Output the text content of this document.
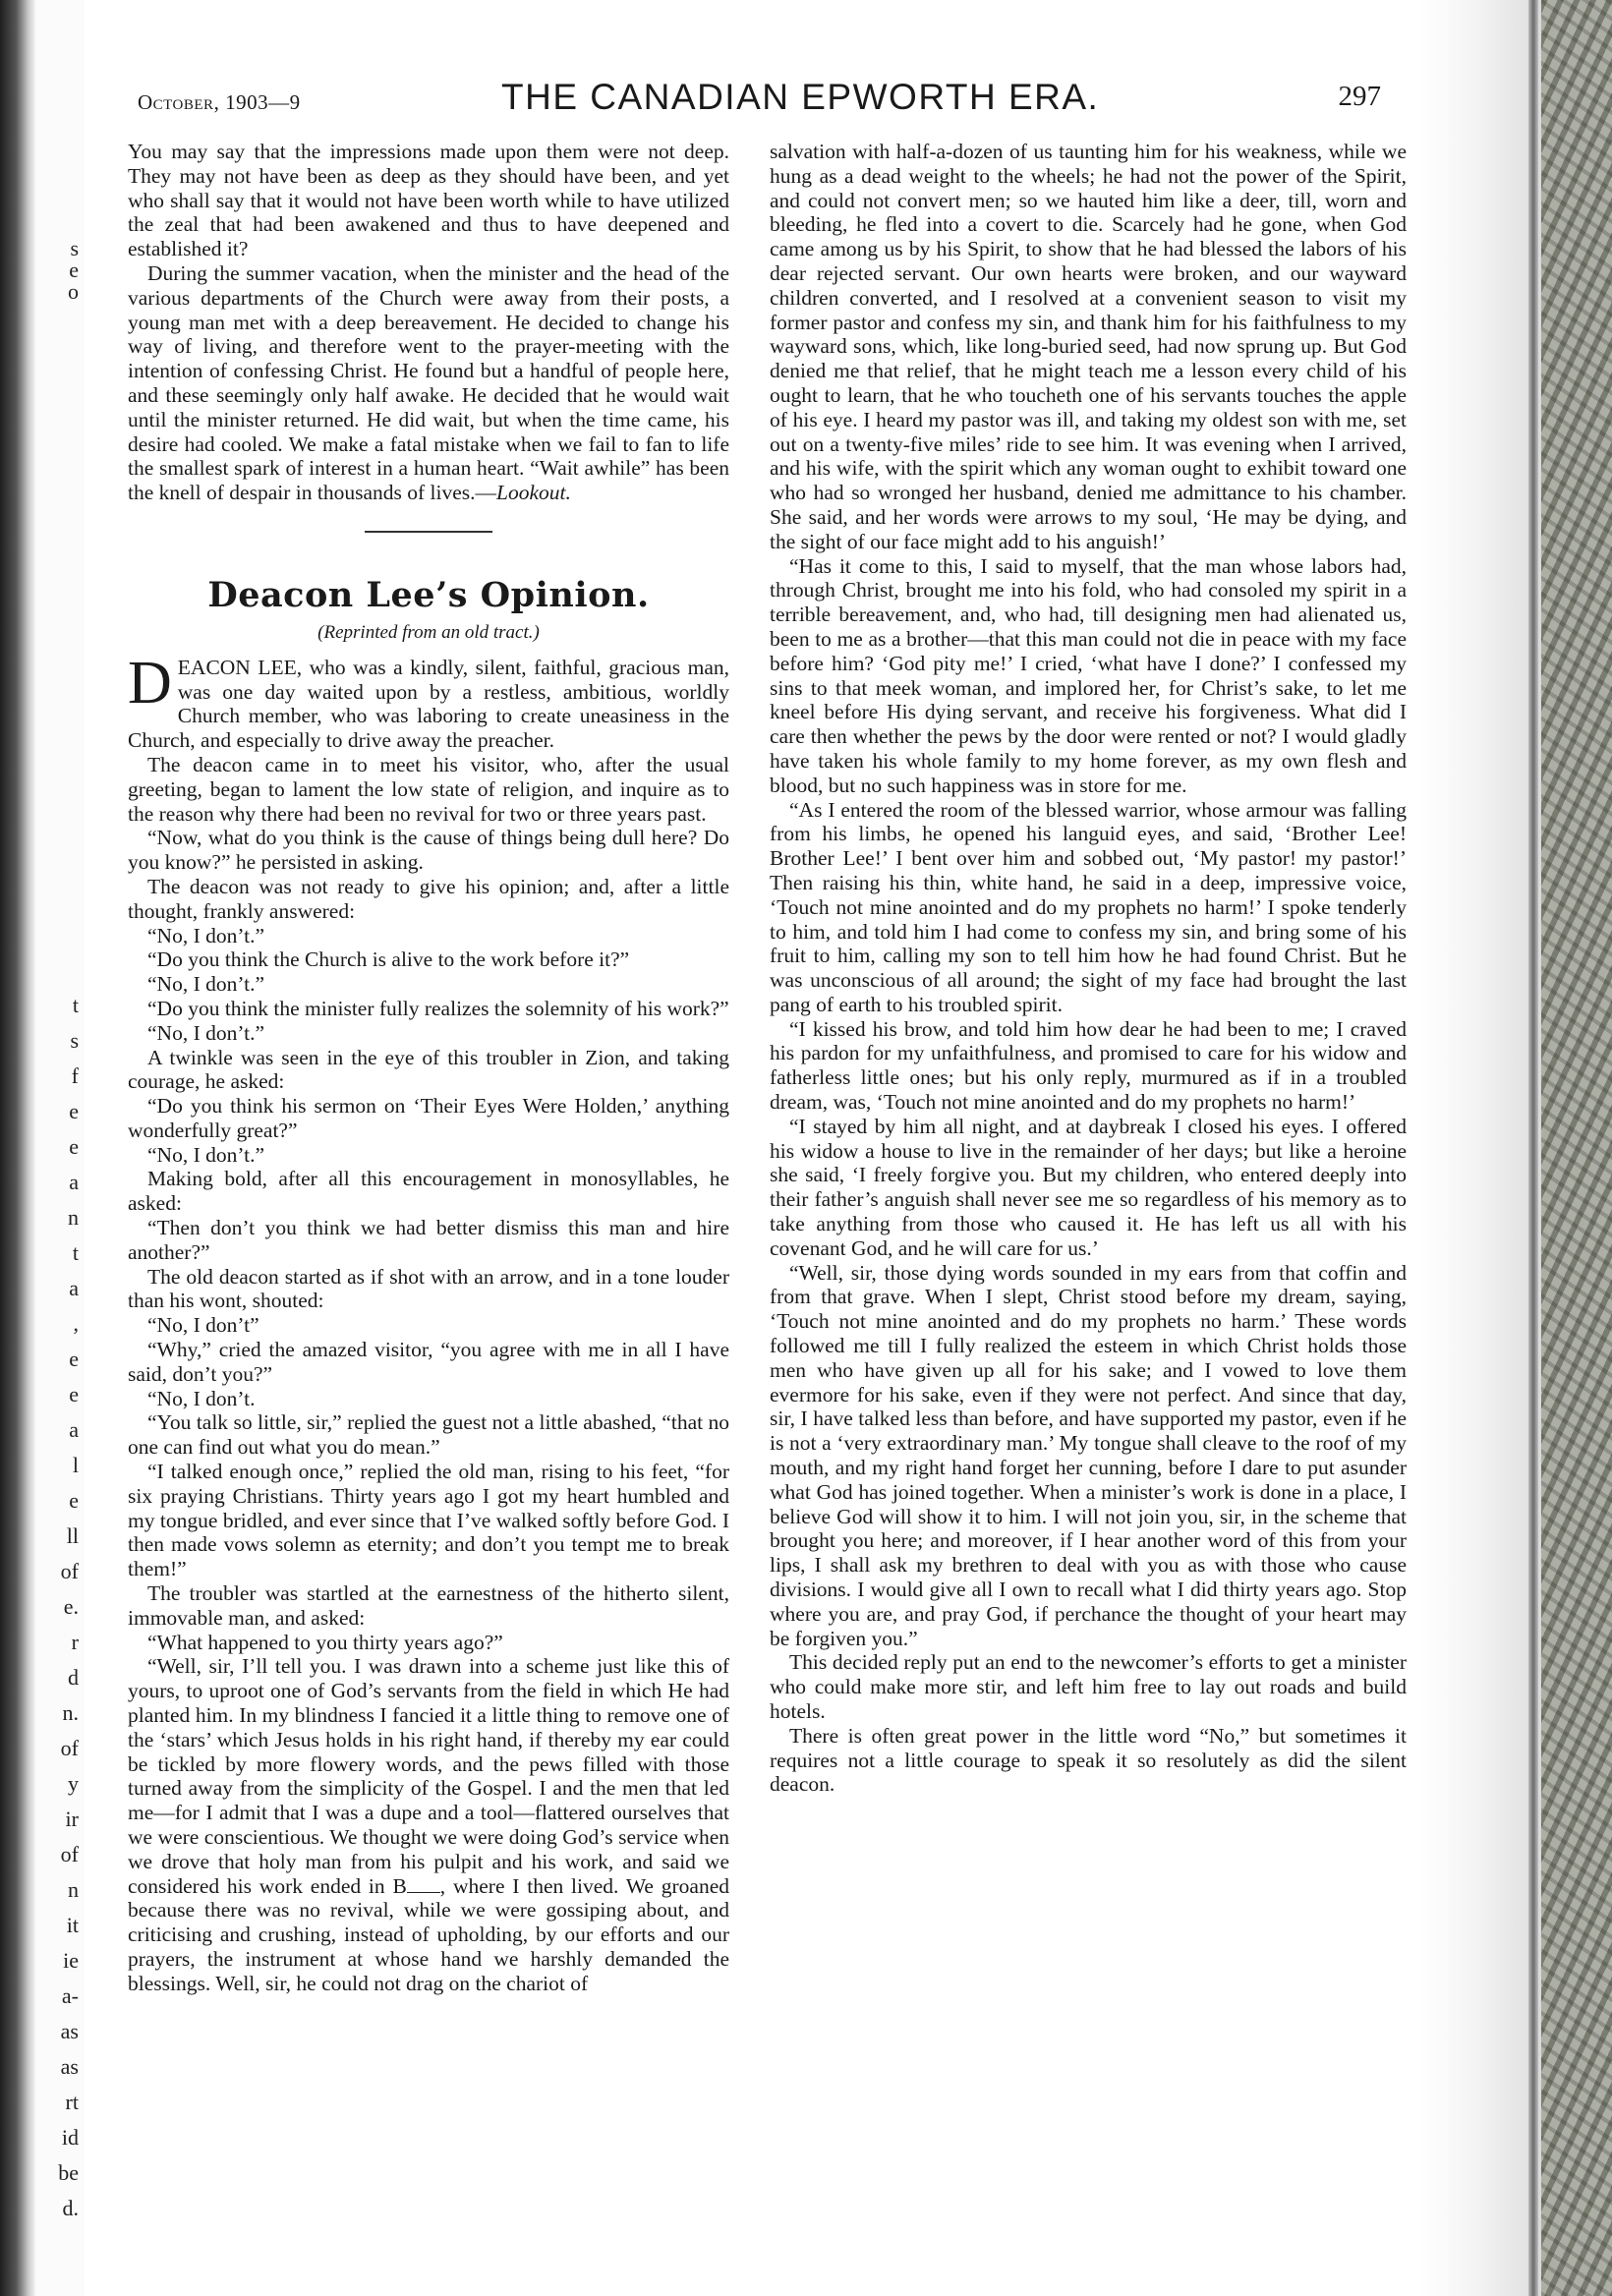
s
e
o
t
s
f
e
e
a
n
t
a
,
e
e
a
l
e
ll
of
e.
r
d
n.
of
y
ir
of
n
it
ie
a-
as
as
rt
id
be
d.
October, 1903—9	THE CANADIAN EPWORTH ERA.	297

You may say that the impressions made upon them were not deep. They may not have been as deep as they should have been, and yet who shall say that it would not have been worth while to have utilized the zeal that had been awakened and thus to have deepened and established it?

During the summer vacation, when the minister and the head of the various departments of the Church were away from their posts, a young man met with a deep bereavement. He decided to change his way of living, and therefore went to the prayer-meeting with the intention of confessing Christ. He found but a handful of people here, and these seemingly only half awake. He decided that he would wait until the minister returned. He did wait, but when the time came, his desire had cooled. We make a fatal mistake when we fail to fan to life the smallest spark of interest in a human heart. “Wait awhile” has been the knell of despair in thousands of lives.—Lookout.

Deacon Lee’s Opinion.
(Reprinted from an old tract.)

DEACON LEE, who was a kindly, silent, faithful, gracious man, was one day waited upon by a restless, ambitious, worldly Church member, who was laboring to create uneasiness in the Church, and especially to drive away the preacher.

The deacon came in to meet his visitor, who, after the usual greeting, began to lament the low state of religion, and inquire as to the reason why there had been no revival for two or three years past.

“Now, what do you think is the cause of things being dull here? Do you know?” he persisted in asking.

The deacon was not ready to give his opinion; and, after a little thought, frankly answered:

“No, I don’t.”

“Do you think the Church is alive to the work before it?”

“No, I don’t.”

“Do you think the minister fully realizes the solemnity of his work?”

“No, I don’t.”

A twinkle was seen in the eye of this troubler in Zion, and taking courage, he asked:

“Do you think his sermon on ‘Their Eyes Were Holden,’ anything wonderfully great?”

“No, I don’t.”

Making bold, after all this encouragement in monosyllables, he asked:

“Then don’t you think we had better dismiss this man and hire another?”

The old deacon started as if shot with an arrow, and in a tone louder than his wont, shouted:

“No, I don’t”

“Why,” cried the amazed visitor, “you agree with me in all I have said, don’t you?”

“No, I don’t.

“You talk so little, sir,” replied the guest not a little abashed, “that no one can find out what you do mean.”

“I talked enough once,” replied the old man, rising to his feet, “for six praying Christians. Thirty years ago I got my heart humbled and my tongue bridled, and ever since that I’ve walked softly before God. I then made vows solemn as eternity; and don’t you tempt me to break them!”

The troubler was startled at the earnestness of the hitherto silent, immovable man, and asked:

“What happened to you thirty years ago?”

“Well, sir, I’ll tell you. I was drawn into a scheme just like this of yours, to uproot one of God’s servants from the field in which He had planted him. In my blindness I fancied it a little thing to remove one of the ‘stars’ which Jesus holds in his right hand, if thereby my ear could be tickled by more flowery words, and the pews filled with those turned away from the simplicity of the Gospel. I and the men that led me—for I admit that I was a dupe and a tool—flattered ourselves that we were conscientious. We thought we were doing God’s service when we drove that holy man from his pulpit and his work, and said we considered his work ended in B , where I then lived. We groaned because there was no revival, while we were gossiping about, and criticising and crushing, instead of upholding, by our efforts and our prayers, the instrument at whose hand we harshly demanded the blessings. Well, sir, he could not drag on the chariot of

salvation with half-a-dozen of us taunting him for his weakness, while we hung as a dead weight to the wheels; he had not the power of the Spirit, and could not convert men; so we hauted him like a deer, till, worn and bleeding, he fled into a covert to die. Scarcely had he gone, when God came among us by his Spirit, to show that he had blessed the labors of his dear rejected servant. Our own hearts were broken, and our wayward children converted, and I resolved at a convenient season to visit my former pastor and confess my sin, and thank him for his faithfulness to my wayward sons, which, like long-buried seed, had now sprung up. But God denied me that relief, that he might teach me a lesson every child of his ought to learn, that he who toucheth one of his servants touches the apple of his eye. I heard my pastor was ill, and taking my oldest son with me, set out on a twenty-five miles’ ride to see him. It was evening when I arrived, and his wife, with the spirit which any woman ought to exhibit toward one who had so wronged her husband, denied me admittance to his chamber. She said, and her words were arrows to my soul, ‘He may be dying, and the sight of our face might add to his anguish!’

“Has it come to this, I said to myself, that the man whose labors had, through Christ, brought me into his fold, who had consoled my spirit in a terrible bereavement, and, who had, till designing men had alienated us, been to me as a brother—that this man could not die in peace with my face before him? ‘God pity me!’ I cried, ‘what have I done?’ I confessed my sins to that meek woman, and implored her, for Christ’s sake, to let me kneel before His dying servant, and receive his forgiveness. What did I care then whether the pews by the door were rented or not? I would gladly have taken his whole family to my home forever, as my own flesh and blood, but no such happiness was in store for me.

“As I entered the room of the blessed warrior, whose armour was falling from his limbs, he opened his languid eyes, and said, ‘Brother Lee! Brother Lee!’ I bent over him and sobbed out, ‘My pastor! my pastor!’ Then raising his thin, white hand, he said in a deep, impressive voice, ‘Touch not mine anointed and do my prophets no harm!’ I spoke tenderly to him, and told him I had come to confess my sin, and bring some of his fruit to him, calling my son to tell him how he had found Christ. But he was unconscious of all around; the sight of my face had brought the last pang of earth to his troubled spirit.

“I kissed his brow, and told him how dear he had been to me; I craved his pardon for my unfaithfulness, and promised to care for his widow and fatherless little ones; but his only reply, murmured as if in a troubled dream, was, ‘Touch not mine anointed and do my prophets no harm!’

“I stayed by him all night, and at daybreak I closed his eyes. I offered his widow a house to live in the remainder of her days; but like a heroine she said, ‘I freely forgive you. But my children, who entered deeply into their father’s anguish shall never see me so regardless of his memory as to take anything from those who caused it. He has left us all with his covenant God, and he will care for us.’

“Well, sir, those dying words sounded in my ears from that coffin and from that grave. When I slept, Christ stood before my dream, saying, ‘Touch not mine anointed and do my prophets no harm.’ These words followed me till I fully realized the esteem in which Christ holds those men who have given up all for his sake; and I vowed to love them evermore for his sake, even if they were not perfect. And since that day, sir, I have talked less than before, and have supported my pastor, even if he is not a ‘very extraordinary man.’ My tongue shall cleave to the roof of my mouth, and my right hand forget her cunning, before I dare to put asunder what God has joined together. When a minister’s work is done in a place, I believe God will show it to him. I will not join you, sir, in the scheme that brought you here; and moreover, if I hear another word of this from your lips, I shall ask my brethren to deal with you as with those who cause divisions. I would give all I own to recall what I did thirty years ago. Stop where you are, and pray God, if perchance the thought of your heart may be forgiven you.”

This decided reply put an end to the newcomer’s efforts to get a minister who could make more stir, and left him free to lay out roads and build hotels.

There is often great power in the little word “No,” but sometimes it requires not a little courage to speak it so resolutely as did the silent deacon.
